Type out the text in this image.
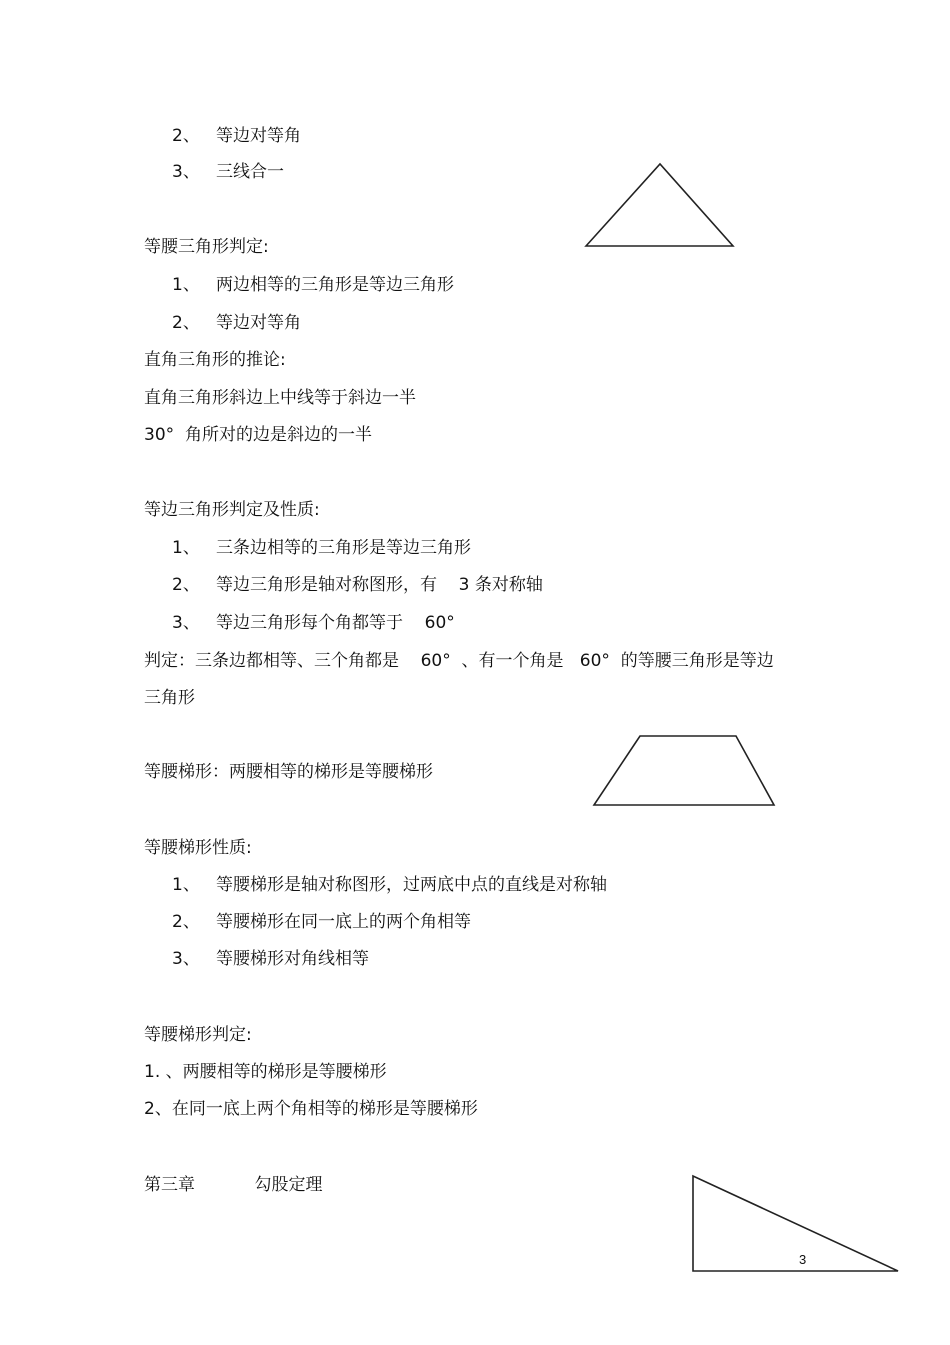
2、   等边对等角
3、   三线合一
等腰三角形判定:
1、   两边相等的三角形是等边三角形
2、   等边对等角
直角三角形的推论:
直角三角形斜边上中线等于斜边一半
30°  角所对的边是斜边的一半
等边三角形判定及性质:
1、   三条边相等的三角形是等边三角形
2、   等边三角形是轴对称图形，有    3 条对称轴
3、   等边三角形每个角都等于    60°
判定：三条边都相等、三个角都是    60°  、有一个角是   60°  的等腰三角形是等边
三角形
等腰梯形：两腰相等的梯形是等腰梯形
等腰梯形性质:
1、   等腰梯形是轴对称图形，过两底中点的直线是对称轴
2、   等腰梯形在同一底上的两个角相等
3、   等腰梯形对角线相等
等腰梯形判定:
1. 、两腰相等的梯形是等腰梯形
2、在同一底上两个角相等的梯形是等腰梯形
第三章           勾股定理
3
